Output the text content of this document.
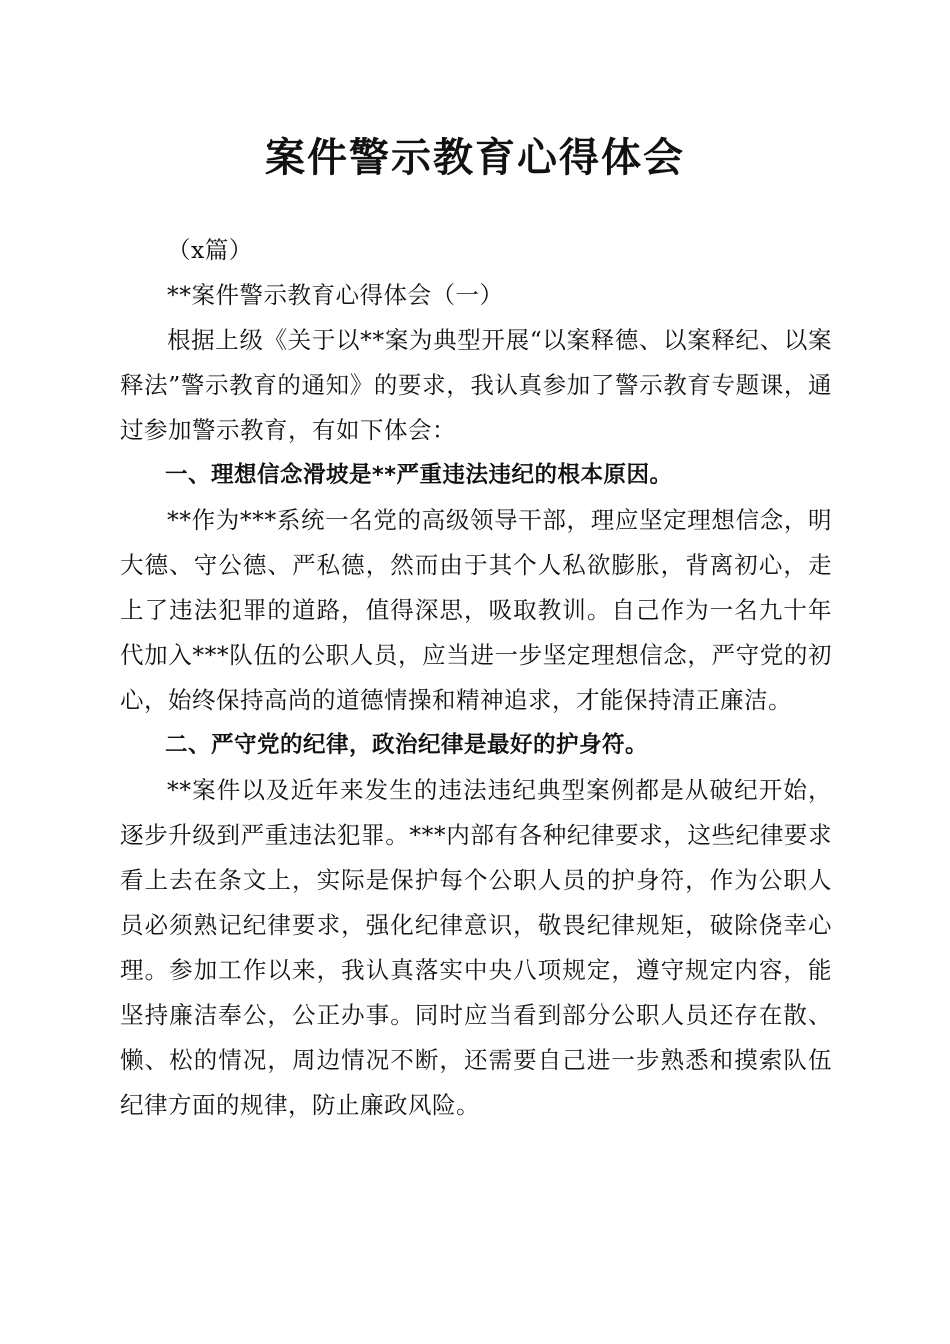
案件警示教育心得体会

（x篇）

**案件警示教育心得体会（一）

根据上级《关于以**案为典型开展“以案释德、以案释纪、以案释法”警示教育的通知》的要求，我认真参加了警示教育专题课，通过参加警示教育，有如下体会：

一、理想信念滑坡是**严重违法违纪的根本原因。

**作为***系统一名党的高级领导干部，理应坚定理想信念，明大德、守公德、严私德，然而由于其个人私欲膨胀，背离初心，走上了违法犯罪的道路，值得深思，吸取教训。自己作为一名九十年代加入***队伍的公职人员，应当进一步坚定理想信念，严守党的初心，始终保持高尚的道德情操和精神追求，才能保持清正廉洁。

二、严守党的纪律，政治纪律是最好的护身符。

**案件以及近年来发生的违法违纪典型案例都是从破纪开始，逐步升级到严重违法犯罪。***内部有各种纪律要求，这些纪律要求看上去在条文上，实际是保护每个公职人员的护身符，作为公职人员必须熟记纪律要求，强化纪律意识，敬畏纪律规矩，破除侥幸心理。参加工作以来，我认真落实中央八项规定，遵守规定内容，能坚持廉洁奉公，公正办事。同时应当看到部分公职人员还存在散、懒、松的情况，周边情况不断，还需要自己进一步熟悉和摸索队伍纪律方面的规律，防止廉政风险。
